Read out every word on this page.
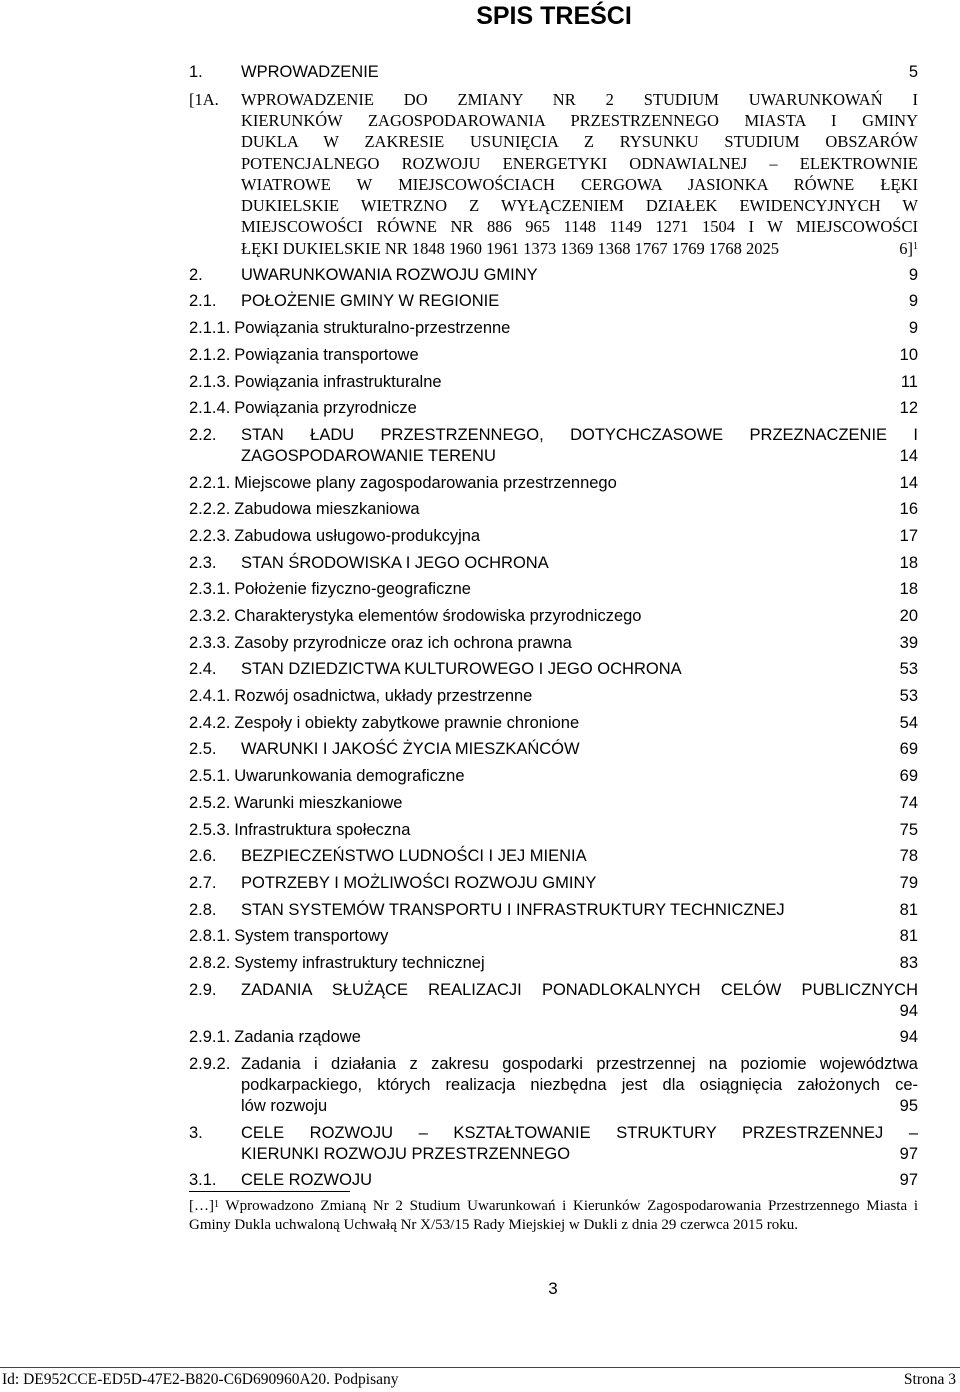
SPIS TREŚCI
1.	WPROWADZENIE	5
[1A.	WPROWADZENIE DO ZMIANY NR 2 STUDIUM UWARUNKOWAŃ I
KIERUNKÓW ZAGOSPODAROWANIA PRZESTRZENNEGO MIASTA I GMINY
DUKLA W ZAKRESIE USUNIĘCIA Z RYSUNKU STUDIUM OBSZARÓW
POTENCJALNEGO ROZWOJU ENERGETYKI ODNAWIALNEJ – ELEKTROWNIE
WIATROWE W MIEJSCOWOŚCIACH CERGOWA JASIONKA RÓWNE ŁĘKI
DUKIELSKIE WIETRZNO Z WYŁĄCZENIEM DZIAŁEK EWIDENCYJNYCH W
MIEJSCOWOŚCI RÓWNE NR 886 965 1148 1149 1271 1504 I W MIEJSCOWOŚCI
ŁĘKI DUKIELSKIE NR 1848 1960 1961 1373 1369 1368 1767 1769 1768 2025	6]$^1$
2.	UWARUNKOWANIA ROZWOJU GMINY	9
2.1.	POŁOŻENIE GMINY W REGIONIE	9
2.1.1. Powiązania strukturalno-przestrzenne	9
2.1.2. Powiązania transportowe	10
2.1.3. Powiązania infrastrukturalne	11
2.1.4. Powiązania przyrodnicze	12
2.2.	STAN ŁADU PRZESTRZENNEGO, DOTYCHCZASOWE PRZEZNACZENIE I
ZAGOSPODAROWANIE TERENU	14
2.2.1. Miejscowe plany zagospodarowania przestrzennego	14
2.2.2. Zabudowa mieszkaniowa	16
2.2.3. Zabudowa usługowo-produkcyjna	17
2.3.	STAN ŚRODOWISKA I JEGO OCHRONA	18
2.3.1. Położenie fizyczno-geograficzne	18
2.3.2. Charakterystyka elementów środowiska przyrodniczego	20
2.3.3. Zasoby przyrodnicze oraz ich ochrona prawna	39
2.4.	STAN DZIEDZICTWA KULTUROWEGO I JEGO OCHRONA	53
2.4.1. Rozwój osadnictwa, układy przestrzenne	53
2.4.2. Zespoły i obiekty zabytkowe prawnie chronione	54
2.5.	WARUNKI I JAKOŚĆ ŻYCIA MIESZKAŃCÓW	69
2.5.1. Uwarunkowania demograficzne	69
2.5.2. Warunki mieszkaniowe	74
2.5.3. Infrastruktura społeczna	75
2.6.	BEZPIECZEŃSTWO LUDNOŚCI I JEJ MIENIA	78
2.7.	POTRZEBY I MOŻLIWOŚCI ROZWOJU GMINY	79
2.8.	STAN SYSTEMÓW TRANSPORTU I INFRASTRUKTURY TECHNICZNEJ	81
2.8.1. System transportowy	81
2.8.2. Systemy infrastruktury technicznej	83
2.9.	ZADANIA SŁUŻĄCE REALIZACJI PONADLOKALNYCH CELÓW PUBLICZNYCH
94
2.9.1. Zadania rządowe	94
2.9.2. Zadania i działania z zakresu gospodarki przestrzennej na poziomie województwa
podkarpackiego, których realizacja niezbędna jest dla osiągnięcia założonych ce-
lów rozwoju	95
3.	CELE ROZWOJU – KSZTAŁTOWANIE STRUKTURY PRZESTRZENNEJ –
KIERUNKI ROZWOJU PRZESTRZENNEGO	97
3.1.	CELE ROZWOJU	97
[…]$^1$ Wprowadzono Zmianą Nr 2 Studium Uwarunkowań i Kierunków Zagospodarowania Przestrzennego Miasta i Gminy Dukla uchwaloną Uchwałą Nr X/53/15 Rady Miejskiej w Dukli z dnia 29 czerwca 2015 roku.
3
Id: DE952CCE-ED5D-47E2-B820-C6D690960A20. Podpisany	Strona 3
